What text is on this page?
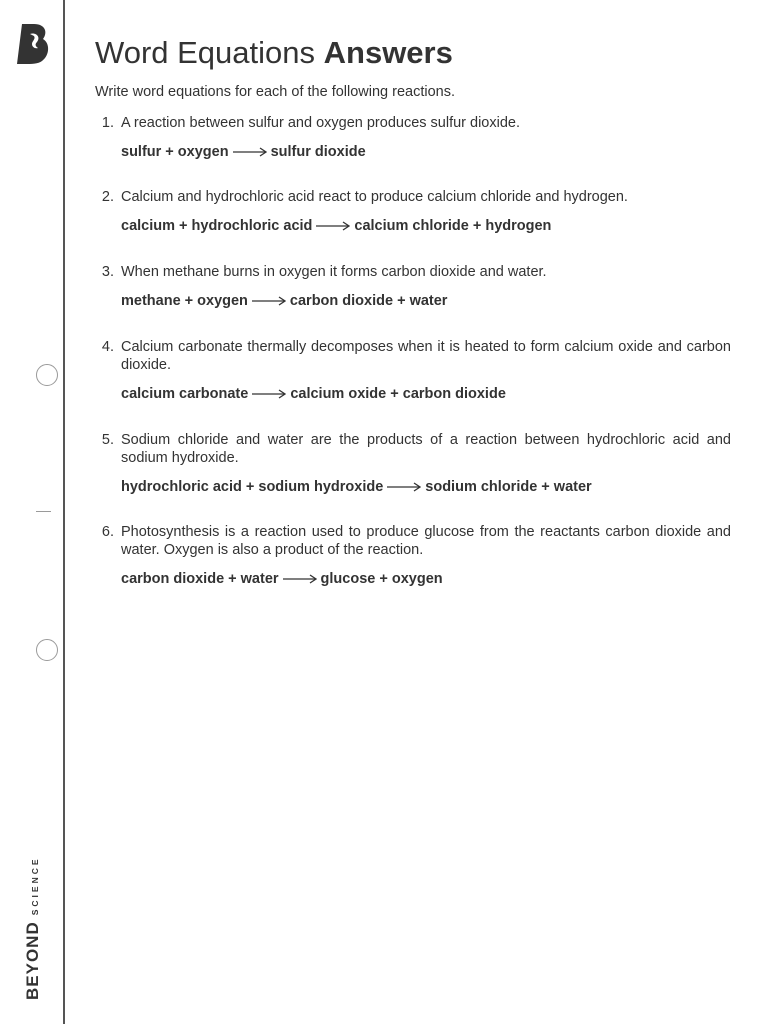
BEYONDSCIENCE
Word Equations Answers
Write word equations for each of the following reactions.
1. A reaction between sulfur and oxygen produces sulfur dioxide.
sulfur + oxygen → sulfur dioxide
2. Calcium and hydrochloric acid react to produce calcium chloride and hydrogen.
calcium + hydrochloric acid → calcium chloride + hydrogen
3. When methane burns in oxygen it forms carbon dioxide and water.
methane + oxygen → carbon dioxide + water
4. Calcium carbonate thermally decomposes when it is heated to form calcium oxide and carbon dioxide.
calcium carbonate → calcium oxide + carbon dioxide
5. Sodium chloride and water are the products of a reaction between hydrochloric acid and sodium hydroxide.
hydrochloric acid + sodium hydroxide → sodium chloride + water
6. Photosynthesis is a reaction used to produce glucose from the reactants carbon dioxide and water. Oxygen is also a product of the reaction.
carbon dioxide + water → glucose + oxygen
